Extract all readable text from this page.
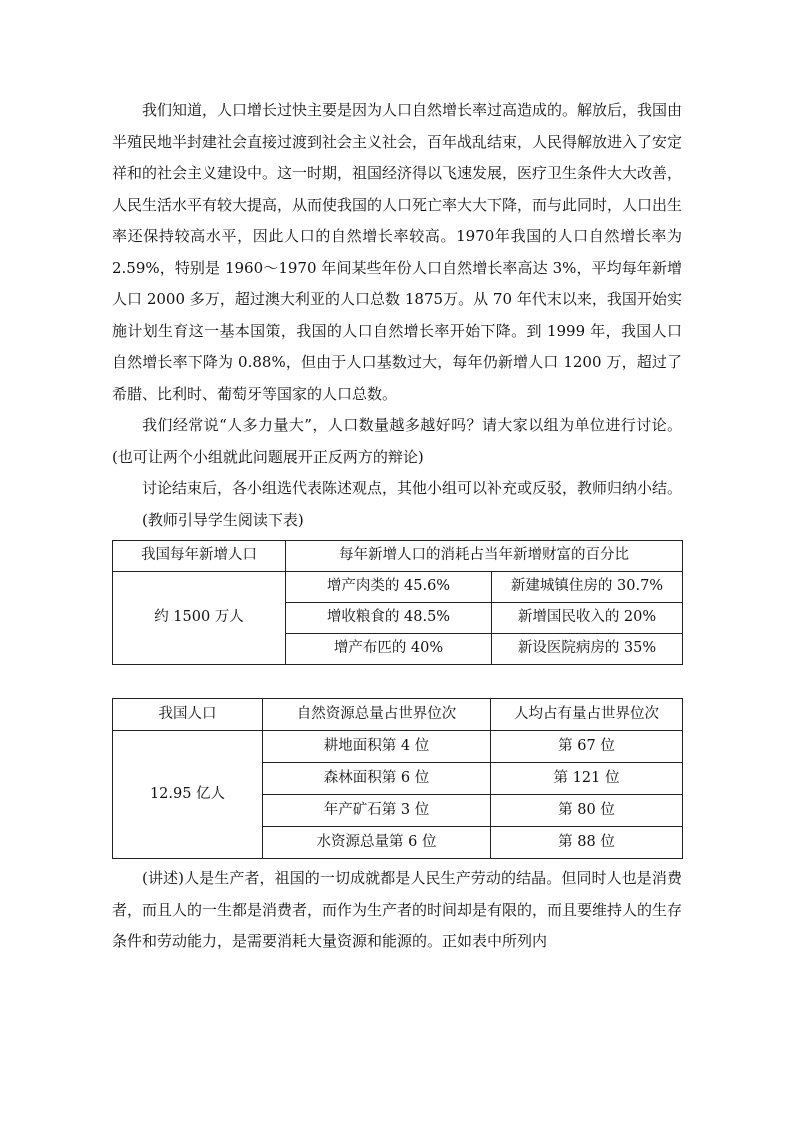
我们知道，人口增长过快主要是因为人口自然增长率过高造成的。解放后，我国由半殖民地半封建社会直接过渡到社会主义社会，百年战乱结束，人民得解放进入了安定祥和的社会主义建设中。这一时期，祖国经济得以飞速发展，医疗卫生条件大大改善，人民生活水平有较大提高，从而使我国的人口死亡率大大下降，而与此同时，人口出生率还保持较高水平，因此人口的自然增长率较高。1970年我国的人口自然增长率为 2.59%，特别是 1960～1970 年间某些年份人口自然增长率高达 3%，平均每年新增人口 2000 多万，超过澳大利亚的人口总数 1875万。从 70 年代末以来，我国开始实施计划生育这一基本国策，我国的人口自然增长率开始下降。到 1999 年，我国人口自然增长率下降为 0.88%，但由于人口基数过大，每年仍新增人口 1200 万，超过了希腊、比利时、葡萄牙等国家的人口总数。

我们经常说“人多力量大”，人口数量越多越好吗？请大家以组为单位进行讨论。(也可让两个小组就此问题展开正反两方的辩论)

讨论结束后，各小组选代表陈述观点，其他小组可以补充或反驳，教师归纳小结。

(教师引导学生阅读下表)

我国每年新增人口	每年新增人口的消耗占当年新增财富的百分比	
约 1500 万人	增产肉类的 45.6%	新建城镇住房的 30.7%
	增收粮食的 48.5%	新增国民收入的 20%
	增产布匹的 40%	新设医院病房的 35%
我国人口	自然资源总量占世界位次	人均占有量占世界位次
12.95 亿人	耕地面积第 4 位	第 67 位
	森林面积第 6 位	第 121 位
	年产矿石第 3 位	第 80 位
	水资源总量第 6 位	第 88 位

(讲述)人是生产者，祖国的一切成就都是人民生产劳动的结晶。但同时人也是消费者，而且人的一生都是消费者，而作为生产者的时间却是有限的，而且要维持人的生存条件和劳动能力，是需要消耗大量资源和能源的。正如表中所列内
